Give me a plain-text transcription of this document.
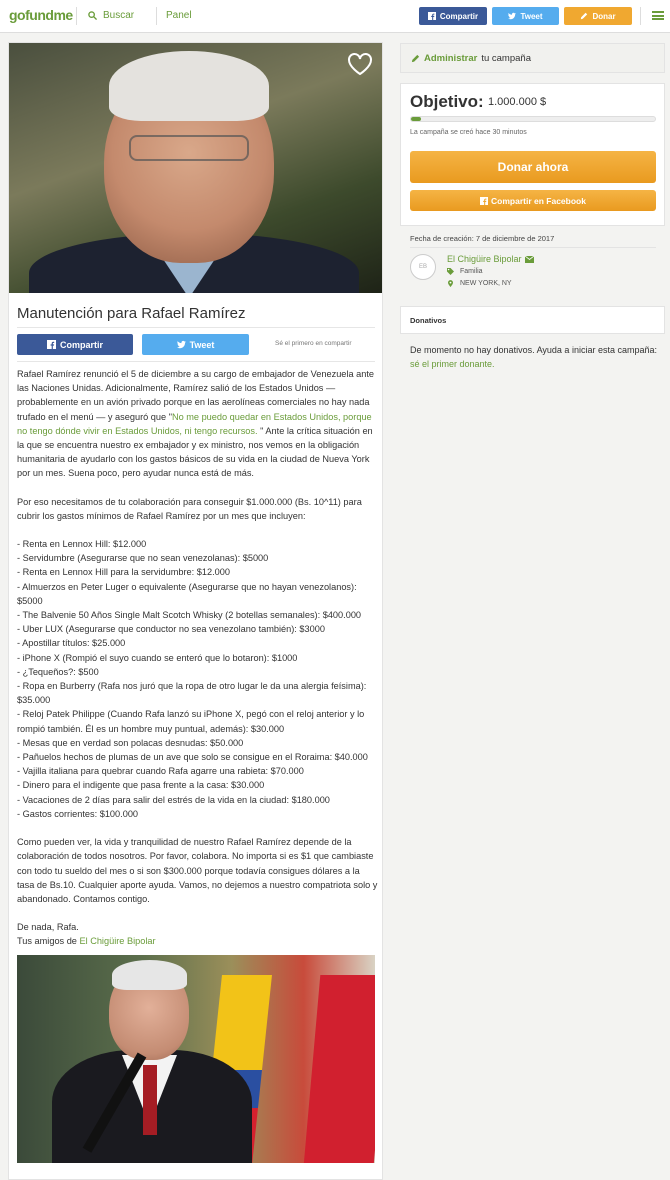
gofundme	Buscar	Panel	Compartir	Tweet	Donar
Manutención para Rafael Ramírez
Compartir	Tweet	Sé el primero en compartir

Rafael Ramírez renunció el 5 de diciembre a su cargo de embajador de Venezuela ante las Naciones Unidas. Adicionalmente, Ramírez salió de los Estados Unidos — probablemente en un avión privado porque en las aerolíneas comerciales no hay nada trufado en el menú — y aseguró que "No me puedo quedar en Estados Unidos, porque no tengo dónde vivir en Estados Unidos, ni tengo recursos. " Ante la crítica situación en la que se encuentra nuestro ex embajador y ex ministro, nos vemos en la obligación humanitaria de ayudarlo con los gastos básicos de su vida en la ciudad de Nueva York por un mes. Suena poco, pero ayudar nunca está de más.

Por eso necesitamos de tu colaboración para conseguir $1.000.000 (Bs. 10^11) para cubrir los gastos mínimos de Rafael Ramírez por un mes que incluyen:

- Renta en Lennox Hill: $12.000
- Servidumbre (Asegurarse que no sean venezolanas): $5000
- Renta en Lennox Hill para la servidumbre: $12.000
- Almuerzos en Peter Luger o equivalente (Asegurarse que no hayan venezolanos): $5000
- The Balvenie 50 Años Single Malt Scotch Whisky (2 botellas semanales): $400.000
- Uber LUX (Asegurarse que conductor no sea venezolano también): $3000
- Apostillar títulos: $25.000
- iPhone X (Rompió el suyo cuando se enteró que lo botaron): $1000
- ¿Tequeños?: $500
- Ropa en Burberry (Rafa nos juró que la ropa de otro lugar le da una alergia feísima): $35.000
- Reloj Patek Philippe (Cuando Rafa lanzó su iPhone X, pegó con el reloj anterior y lo rompió también. Él es un hombre muy puntual, además): $30.000
- Mesas que en verdad son polacas desnudas: $50.000
- Pañuelos hechos de plumas de un ave que solo se consigue en el Roraima: $40.000
- Vajilla italiana para quebrar cuando Rafa agarre una rabieta: $70.000
- Dinero para el indigente que pasa frente a la casa: $30.000
- Vacaciones de 2 días para salir del estrés de la vida en la ciudad: $180.000
- Gastos corrientes: $100.000

Como pueden ver, la vida y tranquilidad de nuestro Rafael Ramírez depende de la colaboración de todos nosotros. Por favor, colabora. No importa si es $1 que cambiaste con todo tu sueldo del mes o si son $300.000 porque todavía consigues dólares a la tasa de Bs.10. Cualquier aporte ayuda. Vamos, no dejemos a nuestro compatriota solo y abandonado. Contamos contigo.

De nada, Rafa.
Tus amigos de El Chigüire Bipolar

Administrar tu campaña
Objetivo: 1.000.000 $
La campaña se creó hace 30 minutos
Donar ahora
Compartir en Facebook
Fecha de creación: 7 de diciembre de 2017
EB
El Chigüire Bipolar
Familia
NEW YORK, NY
Donativos
De momento no hay donativos. Ayuda a iniciar esta campaña: sé el primer donante.
